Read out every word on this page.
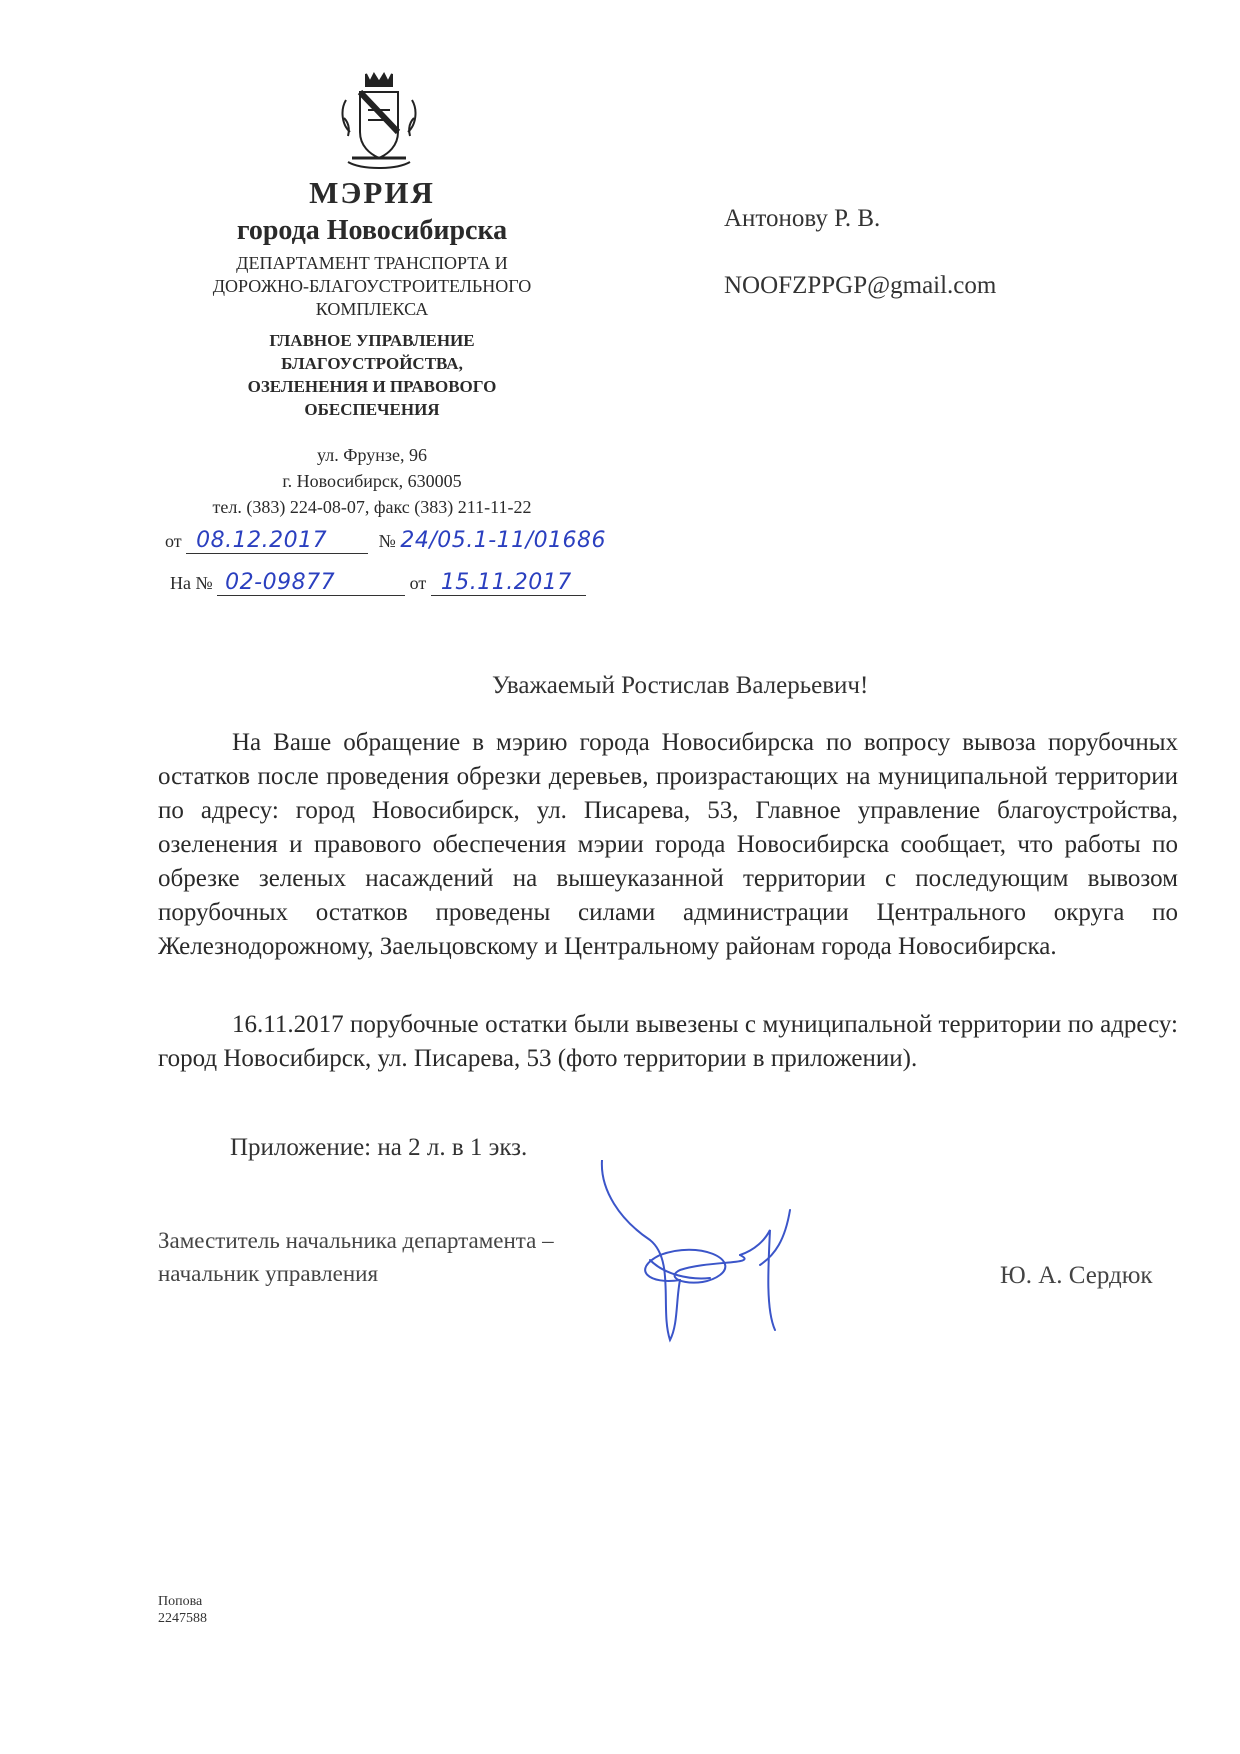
МЭРИЯ
города Новосибирска
ДЕПАРТАМЕНТ ТРАНСПОРТА И
ДОРОЖНО-БЛАГОУСТРОИТЕЛЬНОГО
КОМПЛЕКСА
ГЛАВНОЕ УПРАВЛЕНИЕ
БЛАГОУСТРОЙСТВА,
ОЗЕЛЕНЕНИЯ И ПРАВОВОГО
ОБЕСПЕЧЕНИЯ
ул. Фрунзе, 96
г. Новосибирск, 630005
тел. (383) 224-08-07, факс (383) 211-11-22
от 08.12.2017	№ 24/05.1-11/01686
На № 02-09877	от 15.11.2017
Антонову Р. В.
NOOFZPPGP@gmail.com
Уважаемый Ростислав Валерьевич!
На Ваше обращение в мэрию города Новосибирска по вопросу вывоза порубочных остатков после проведения обрезки деревьев, произрастающих на муниципальной территории по адресу: город Новосибирск, ул. Писарева, 53, Главное управление благоустройства, озеленения и правового обеспечения мэрии города Новосибирска сообщает, что работы по обрезке зеленых насаждений на вышеуказанной территории с последующим вывозом порубочных остатков проведены силами администрации Центрального округа по Железнодорожному, Заельцовскому и Центральному районам города Новосибирска.
16.11.2017 порубочные остатки были вывезены с муниципальной территории по адресу: город Новосибирск, ул. Писарева, 53 (фото территории в приложении).
Приложение: на 2 л. в 1 экз.
Заместитель начальника департамента –
начальник управления	Ю. А. Сердюк
Попова
2247588
